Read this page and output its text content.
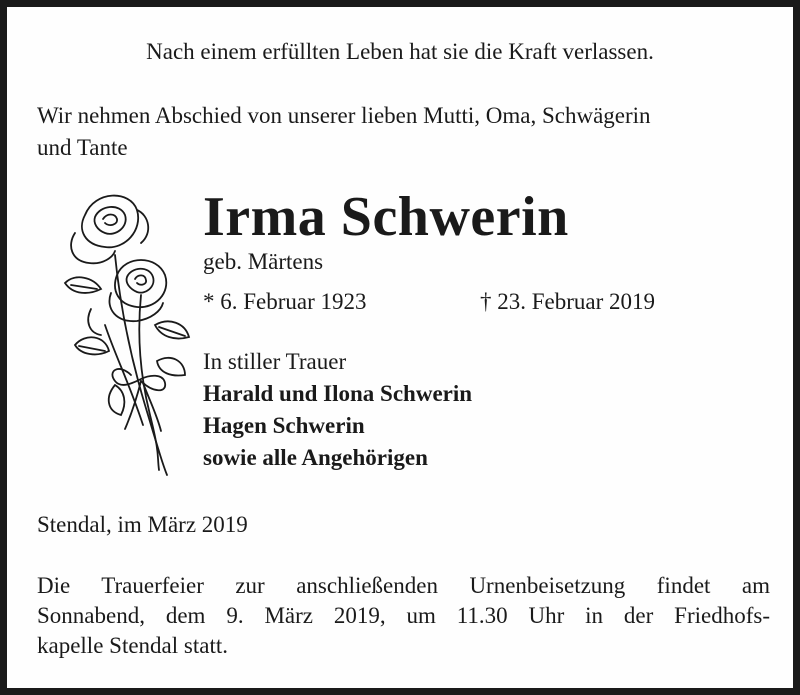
Nach einem erfüllten Leben hat sie die Kraft verlassen.
Wir nehmen Abschied von unserer lieben Mutti, Oma, Schwägerin
und Tante
Irma Schwerin
geb. Märtens
* 6. Februar 1923	† 23. Februar 2019
In stiller Trauer
Harald und Ilona Schwerin
Hagen Schwerin
sowie alle Angehörigen
Stendal, im März 2019
Die Trauerfeier zur anschließenden Urnenbeisetzung findet am
Sonnabend, dem 9. März 2019, um 11.30 Uhr in der Friedhofs-
kapelle Stendal statt.
